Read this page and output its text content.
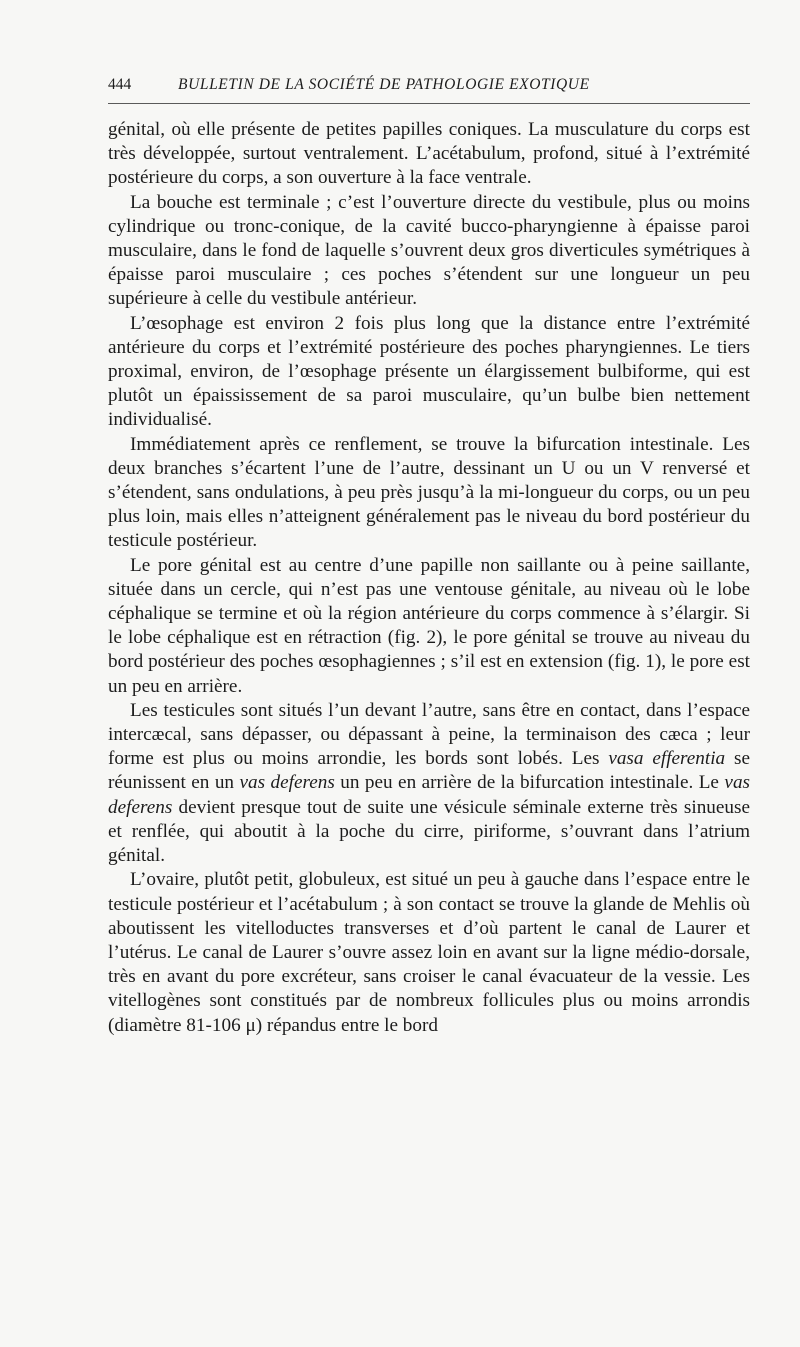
444	BULLETIN DE LA SOCIÉTÉ DE PATHOLOGIE EXOTIQUE

génital, où elle présente de petites papilles coniques. La musculature du corps est très développée, surtout ventralement. L’acétabulum, profond, situé à l’extrémité postérieure du corps, a son ouverture à la face ventrale.

La bouche est terminale ; c’est l’ouverture directe du vestibule, plus ou moins cylindrique ou tronc-conique, de la cavité bucco-pharyngienne à épaisse paroi musculaire, dans le fond de laquelle s’ouvrent deux gros diverticules symétriques à épaisse paroi musculaire ; ces poches s’étendent sur une longueur un peu supérieure à celle du vestibule antérieur.

L’œsophage est environ 2 fois plus long que la distance entre l’extrémité antérieure du corps et l’extrémité postérieure des poches pharyngiennes. Le tiers proximal, environ, de l’œsophage présente un élargissement bulbiforme, qui est plutôt un épaississement de sa paroi musculaire, qu’un bulbe bien nettement individualisé.

Immédiatement après ce renflement, se trouve la bifurcation intestinale. Les deux branches s’écartent l’une de l’autre, dessinant un U ou un V renversé et s’étendent, sans ondulations, à peu près jusqu’à la mi-longueur du corps, ou un peu plus loin, mais elles n’atteignent généralement pas le niveau du bord postérieur du testicule postérieur.

Le pore génital est au centre d’une papille non saillante ou à peine saillante, située dans un cercle, qui n’est pas une ventouse génitale, au niveau où le lobe céphalique se termine et où la région antérieure du corps commence à s’élargir. Si le lobe céphalique est en rétraction (fig. 2), le pore génital se trouve au niveau du bord postérieur des poches œsophagiennes ; s’il est en extension (fig. 1), le pore est un peu en arrière.

Les testicules sont situés l’un devant l’autre, sans être en contact, dans l’espace intercæcal, sans dépasser, ou dépassant à peine, la terminaison des cæca ; leur forme est plus ou moins arrondie, les bords sont lobés. Les vasa efferentia se réunissent en un vas deferens un peu en arrière de la bifurcation intestinale. Le vas deferens devient presque tout de suite une vésicule séminale externe très sinueuse et renflée, qui aboutit à la poche du cirre, piriforme, s’ouvrant dans l’atrium génital.

L’ovaire, plutôt petit, globuleux, est situé un peu à gauche dans l’espace entre le testicule postérieur et l’acétabulum ; à son contact se trouve la glande de Mehlis où aboutissent les vitelloductes transverses et d’où partent le canal de Laurer et l’utérus. Le canal de Laurer s’ouvre assez loin en avant sur la ligne médio-dorsale, très en avant du pore excréteur, sans croiser le canal évacuateur de la vessie. Les vitellogènes sont constitués par de nombreux follicules plus ou moins arrondis (diamètre 81-106 μ) répandus entre le bord
